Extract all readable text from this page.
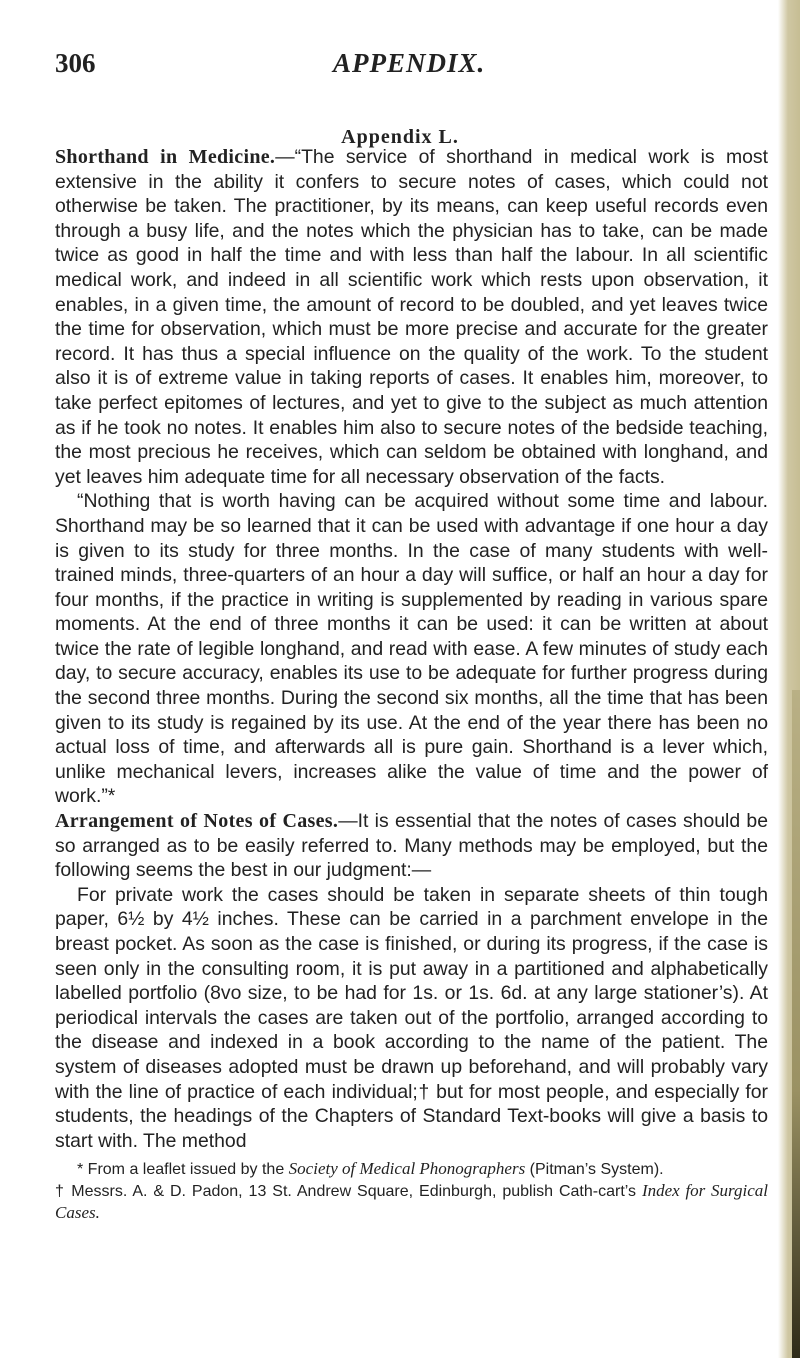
306	APPENDIX.
Appendix L.

Shorthand in Medicine.—“The service of shorthand in medical work is most extensive in the ability it confers to secure notes of cases, which could not otherwise be taken. The practitioner, by its means, can keep useful records even through a busy life, and the notes which the physician has to take, can be made twice as good in half the time and with less than half the labour. In all scientific medical work, and indeed in all scientific work which rests upon observation, it enables, in a given time, the amount of record to be doubled, and yet leaves twice the time for observation, which must be more precise and accurate for the greater record. It has thus a special influence on the quality of the work. To the student also it is of extreme value in taking reports of cases. It enables him, moreover, to take perfect epitomes of lectures, and yet to give to the subject as much attention as if he took no notes. It enables him also to secure notes of the bedside teaching, the most precious he receives, which can seldom be obtained with longhand, and yet leaves him adequate time for all necessary observation of the facts.

“Nothing that is worth having can be acquired without some time and labour. Shorthand may be so learned that it can be used with advantage if one hour a day is given to its study for three months. In the case of many students with well-trained minds, three-quarters of an hour a day will suffice, or half an hour a day for four months, if the practice in writing is supplemented by reading in various spare moments. At the end of three months it can be used: it can be written at about twice the rate of legible longhand, and read with ease. A few minutes of study each day, to secure accuracy, enables its use to be adequate for further progress during the second three months. During the second six months, all the time that has been given to its study is regained by its use. At the end of the year there has been no actual loss of time, and afterwards all is pure gain. Shorthand is a lever which, unlike mechanical levers, increases alike the value of time and the power of work.”*

Arrangement of Notes of Cases.—It is essential that the notes of cases should be so arranged as to be easily referred to. Many methods may be employed, but the following seems the best in our judgment:—

For private work the cases should be taken in separate sheets of thin tough paper, 6½ by 4½ inches. These can be carried in a parchment envelope in the breast pocket. As soon as the case is finished, or during its progress, if the case is seen only in the consulting room, it is put away in a partitioned and alphabetically labelled portfolio (8vo size, to be had for 1s. or 1s. 6d. at any large stationer’s). At periodical intervals the cases are taken out of the portfolio, arranged according to the disease and indexed in a book according to the name of the patient. The system of diseases adopted must be drawn up beforehand, and will probably vary with the line of practice of each individual;† but for most people, and especially for students, the headings of the Chapters of Standard Text-books will give a basis to start with. The method

* From a leaflet issued by the Society of Medical Phonographers (Pitman’s System).

† Messrs. A. & D. Padon, 13 St. Andrew Square, Edinburgh, publish Cath-cart’s Index for Surgical Cases.
